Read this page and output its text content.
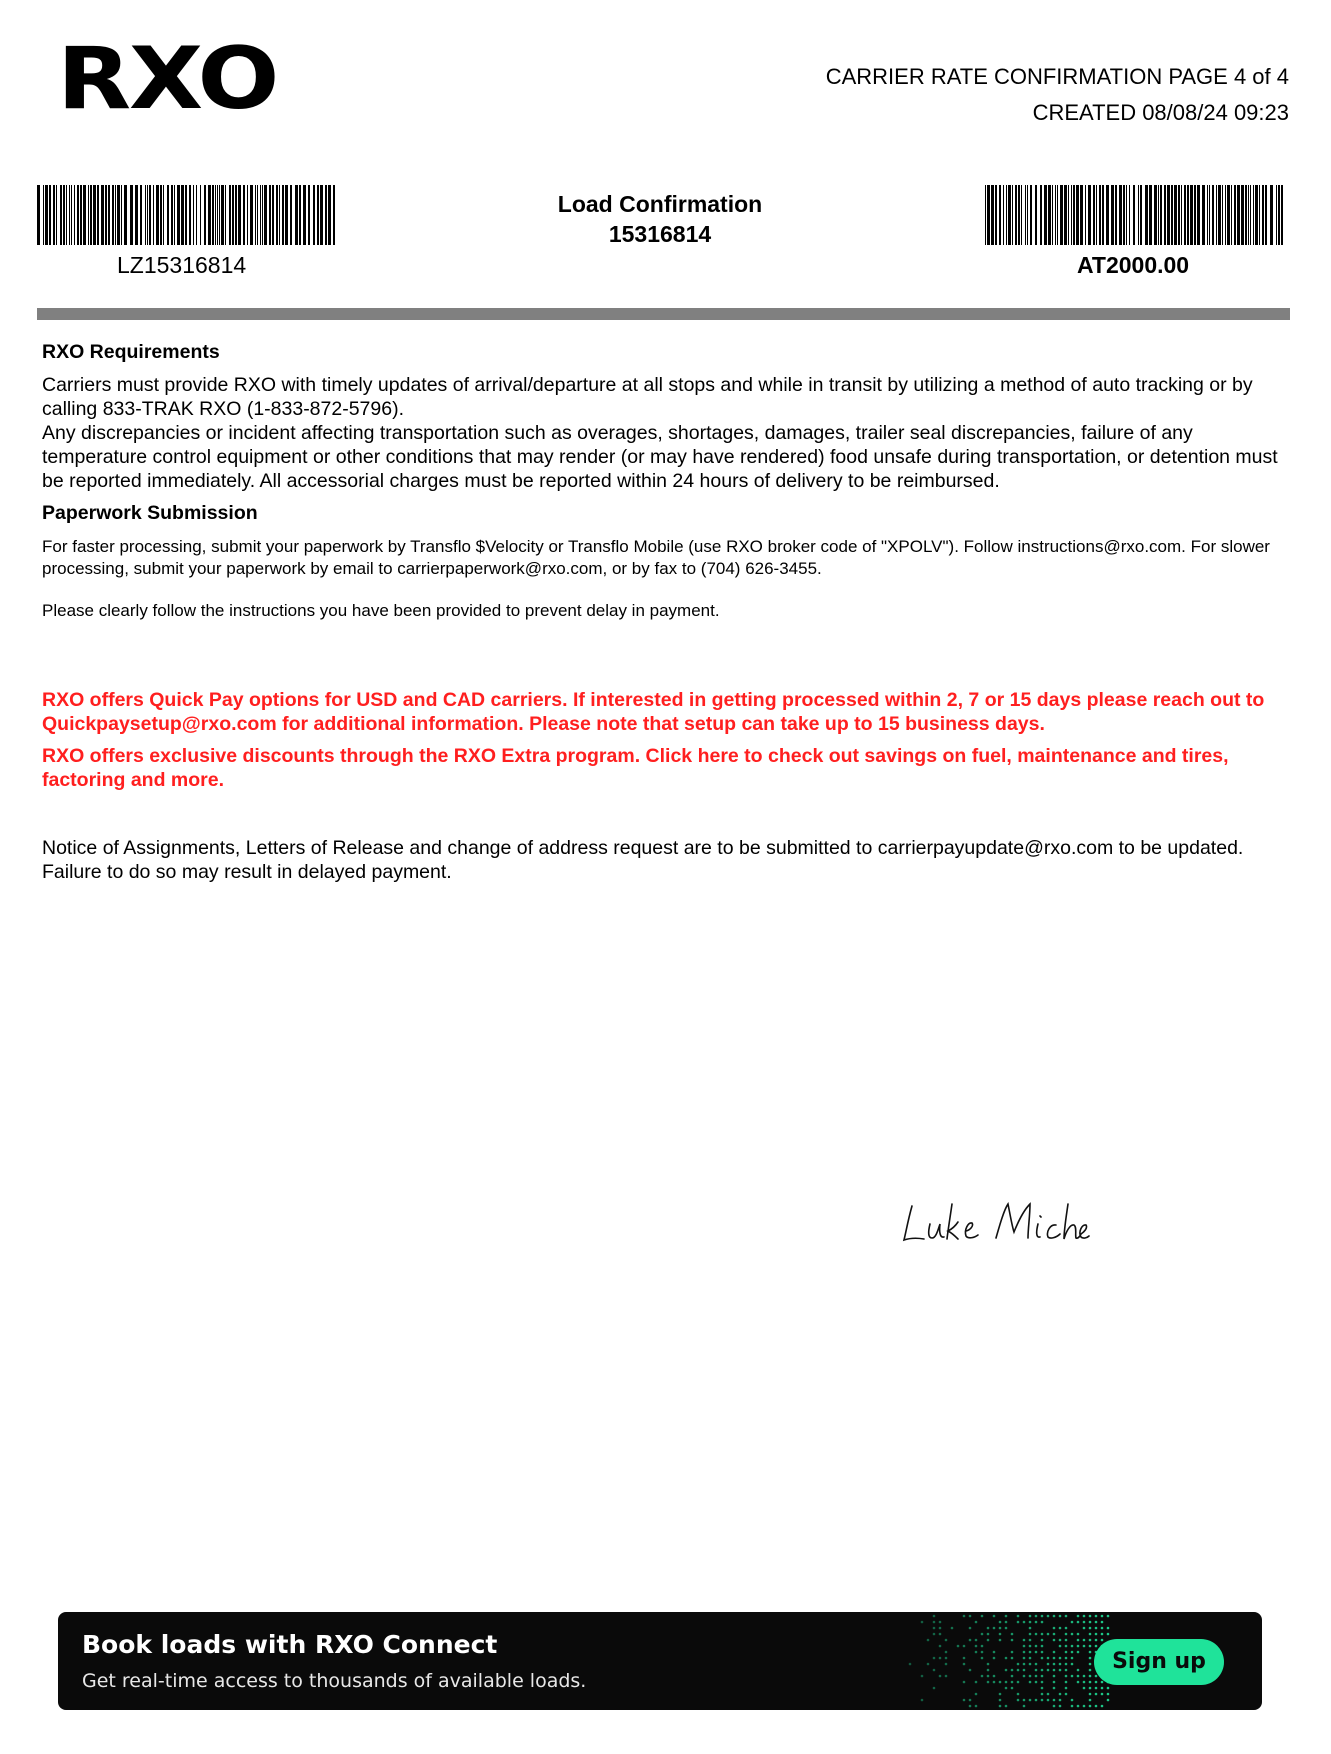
RXO	CARRIER RATE CONFIRMATION PAGE 4 of 4
CREATED 08/08/24 09:23
LZ15316814
Load Confirmation
15316814
AT2000.00

RXO Requirements

Carriers must provide RXO with timely updates of arrival/departure at all stops and while in transit by utilizing a method of auto tracking or by calling 833-TRAK RXO (1-833-872-5796).

Any discrepancies or incident affecting transportation such as overages, shortages, damages, trailer seal discrepancies, failure of any temperature control equipment or other conditions that may render (or may have rendered) food unsafe during transportation, or detention must be reported immediately. All accessorial charges must be reported within 24 hours of delivery to be reimbursed.

Paperwork Submission

For faster processing, submit your paperwork by Transflo $Velocity or Transflo Mobile (use RXO broker code of "XPOLV"). Follow instructions@rxo.com. For slower processing, submit your paperwork by email to carrierpaperwork@rxo.com, or by fax to (704) 626-3455.

Please clearly follow the instructions you have been provided to prevent delay in payment.

RXO offers Quick Pay options for USD and CAD carriers. If interested in getting processed within 2, 7 or 15 days please reach out to Quickpaysetup@rxo.com for additional information. Please note that setup can take up to 15 business days.

RXO offers exclusive discounts through the RXO Extra program. Click here to check out savings on fuel, maintenance and tires, factoring and more.

Notice of Assignments, Letters of Release and change of address request are to be submitted to carrierpayupdate@rxo.com to be updated. Failure to do so may result in delayed payment.

Book loads with RXO Connect
Get real-time access to thousands of available loads.
Sign up
